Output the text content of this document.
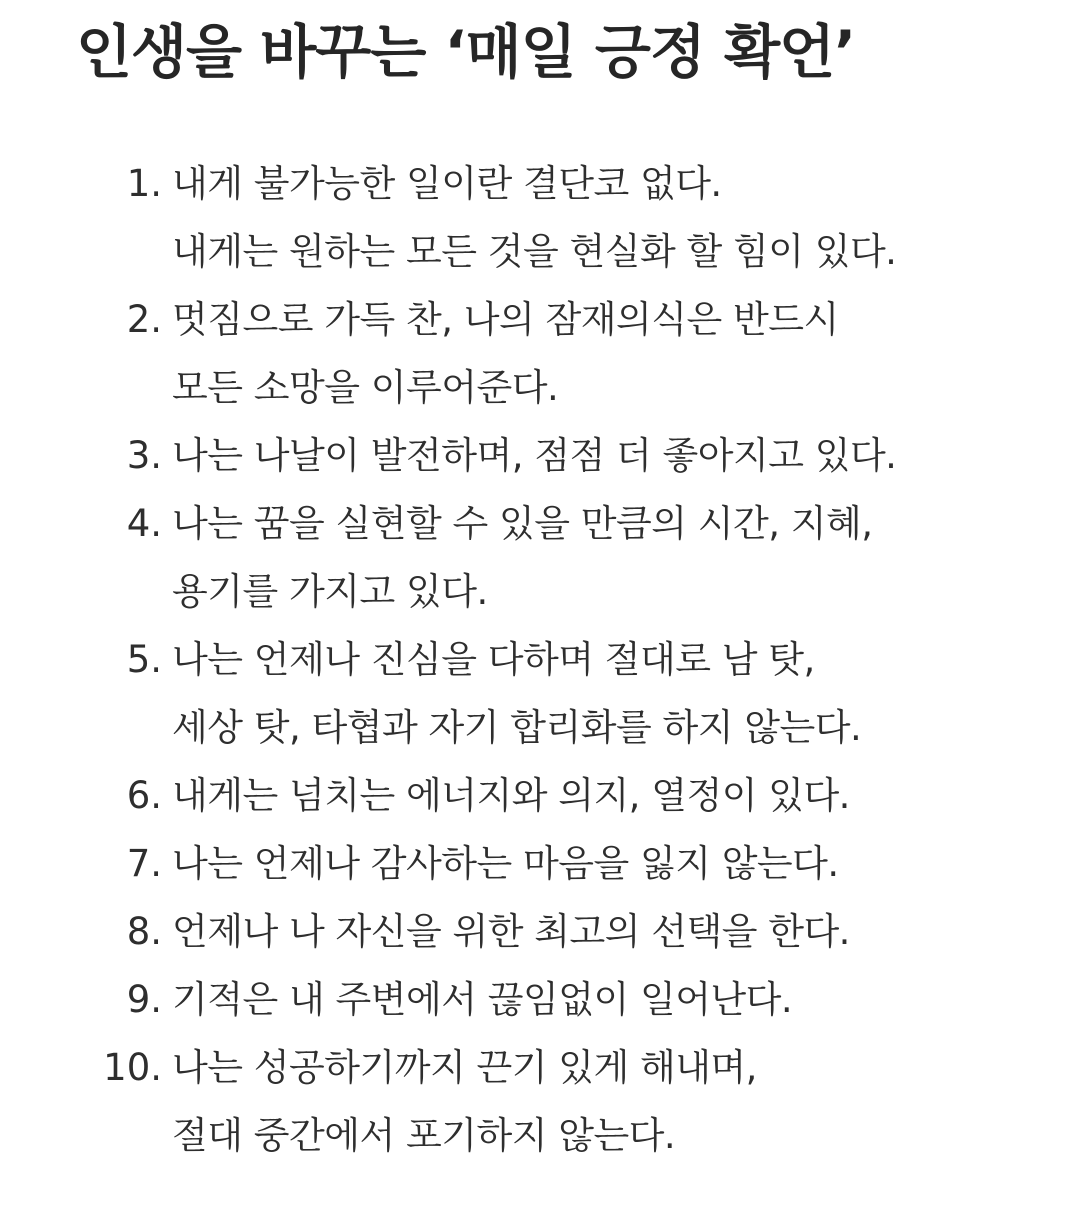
인생을 바꾸는 ‘매일 긍정 확언’
1. 내게 불가능한 일이란 결단코 없다.
내게는 원하는 모든 것을 현실화 할 힘이 있다.
2. 멋짐으로 가득 찬, 나의 잠재의식은 반드시
모든 소망을 이루어준다.
3. 나는 나날이 발전하며, 점점 더 좋아지고 있다.
4. 나는 꿈을 실현할 수 있을 만큼의 시간, 지혜,
용기를 가지고 있다.
5. 나는 언제나 진심을 다하며 절대로 남 탓,
세상 탓, 타협과 자기 합리화를 하지 않는다.
6. 내게는 넘치는 에너지와 의지, 열정이 있다.
7. 나는 언제나 감사하는 마음을 잃지 않는다.
8. 언제나 나 자신을 위한 최고의 선택을 한다.
9. 기적은 내 주변에서 끊임없이 일어난다.
10. 나는 성공하기까지 끈기 있게 해내며,
절대 중간에서 포기하지 않는다.
